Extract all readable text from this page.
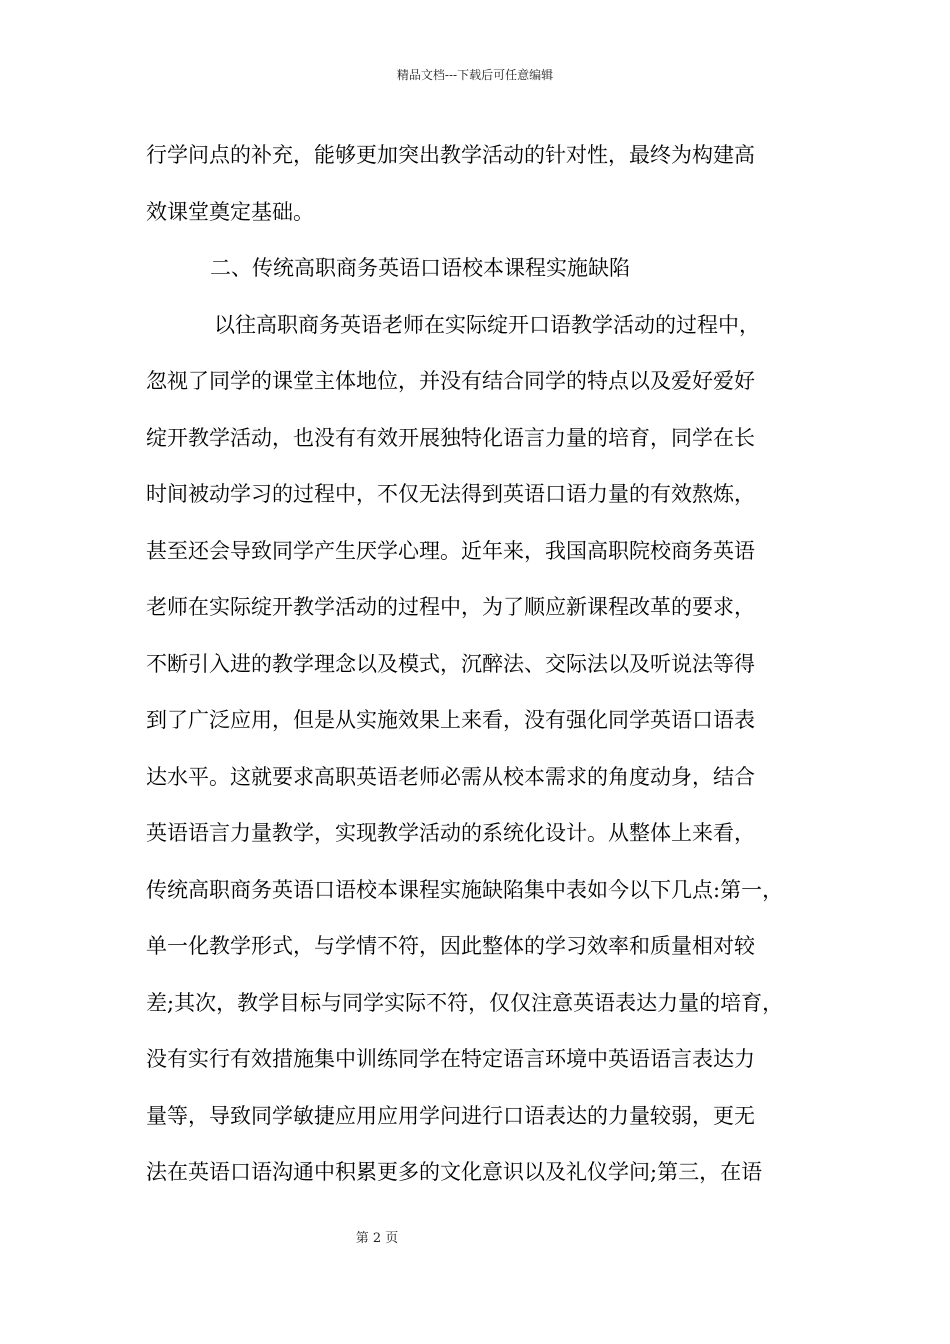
精品文档---下载后可任意编辑
行学问点的补充，能够更加突出教学活动的针对性，最终为构建高
效课堂奠定基础。
二、传统高职商务英语口语校本课程实施缺陷
以往高职商务英语老师在实际绽开口语教学活动的过程中，
忽视了同学的课堂主体地位，并没有结合同学的特点以及爱好爱好
绽开教学活动，也没有有效开展独特化语言力量的培育，同学在长
时间被动学习的过程中，不仅无法得到英语口语力量的有效熬炼，
甚至还会导致同学产生厌学心理。近年来，我国高职院校商务英语
老师在实际绽开教学活动的过程中，为了顺应新课程改革的要求，
不断引入进的教学理念以及模式，沉醉法、交际法以及听说法等得
到了广泛应用，但是从实施效果上来看，没有强化同学英语口语表
达水平。这就要求高职英语老师必需从校本需求的角度动身，结合
英语语言力量教学，实现教学活动的系统化设计。从整体上来看，
传统高职商务英语口语校本课程实施缺陷集中表如今以下几点:第一，
单一化教学形式，与学情不符，因此整体的学习效率和质量相对较
差;其次，教学目标与同学实际不符，仅仅注意英语表达力量的培育，
没有实行有效措施集中训练同学在特定语言环境中英语语言表达力
量等，导致同学敏捷应用应用学问进行口语表达的力量较弱，更无
法在英语口语沟通中积累更多的文化意识以及礼仪学问;第三，在语
第 2 页
